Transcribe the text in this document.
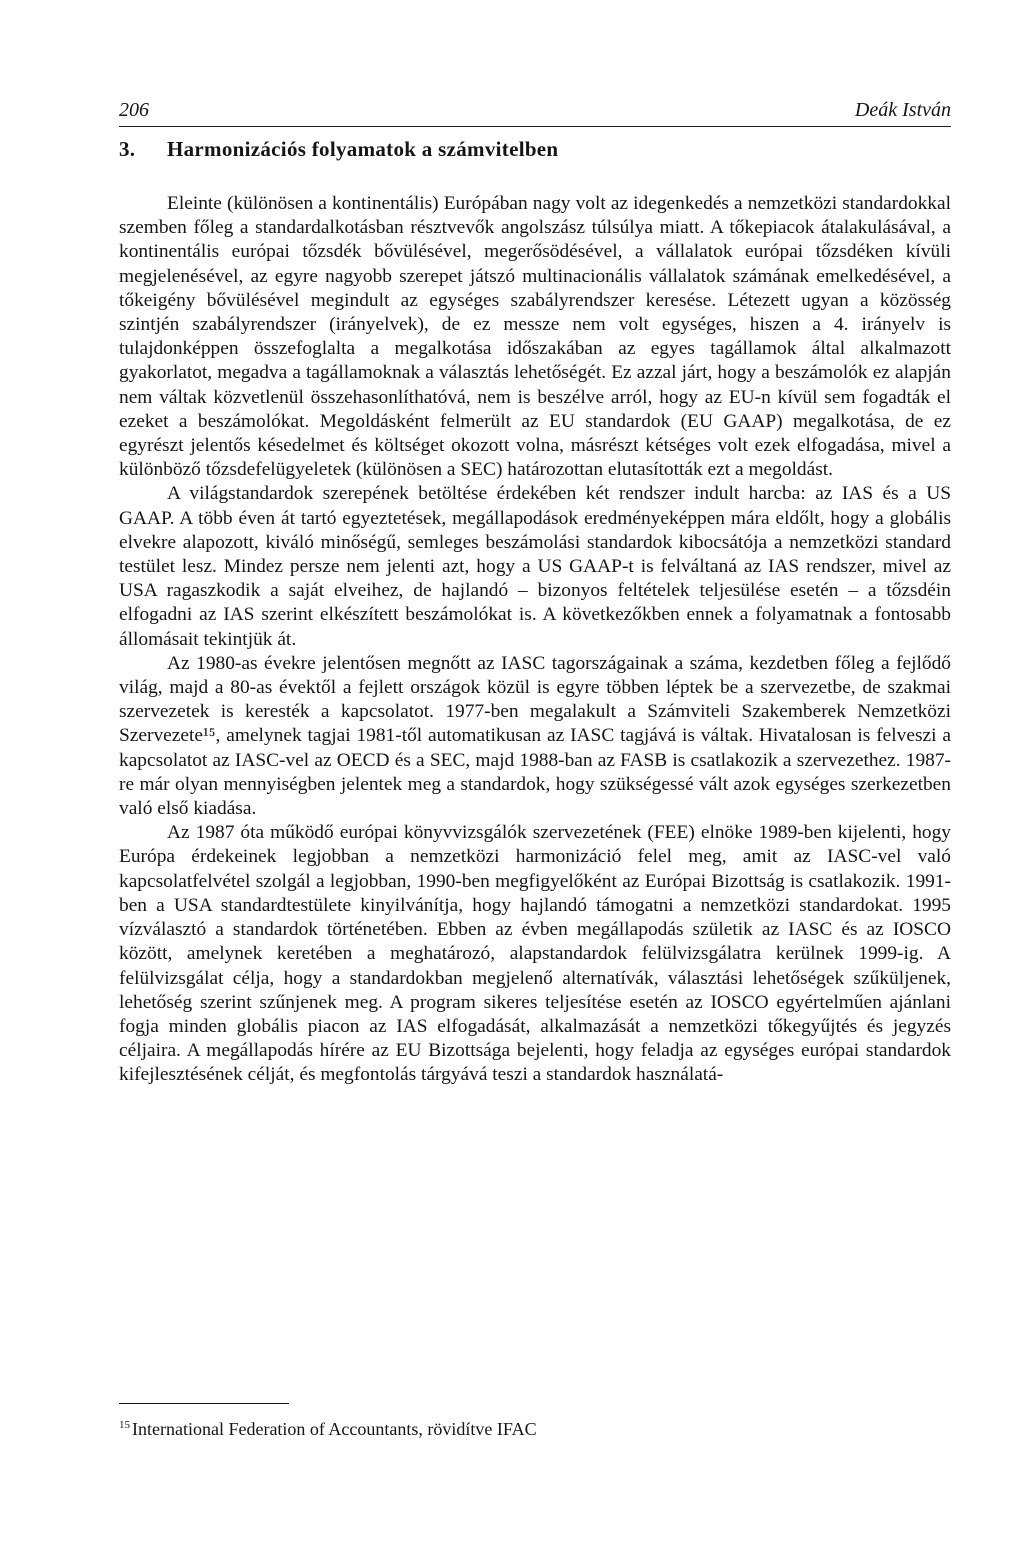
206	Deák István
3. Harmonizációs folyamatok a számvitelben

Eleinte (különösen a kontinentális) Európában nagy volt az idegenkedés a nemzetközi standardokkal szemben főleg a standardalkotásban résztvevők angolszász túlsúlya miatt. A tőkepiacok átalakulásával, a kontinentális európai tőzsdék bővülésével, megerősödésével, a vállalatok európai tőzsdéken kívüli megjelenésével, az egyre nagyobb szerepet játszó multinacionális vállalatok számának emelkedésével, a tőkeigény bővülésével megindult az egységes szabályrendszer keresése. Létezett ugyan a közösség szintjén szabályrendszer (irányelvek), de ez messze nem volt egységes, hiszen a 4. irányelv is tulajdonképpen összefoglalta a megalkotása időszakában az egyes tagállamok által alkalmazott gyakorlatot, megadva a tagállamoknak a választás lehetőségét. Ez azzal járt, hogy a beszámolók ez alapján nem váltak közvetlenül összehasonlíthatóvá, nem is beszélve arról, hogy az EU-n kívül sem fogadták el ezeket a beszámolókat. Megoldásként felmerült az EU standardok (EU GAAP) megalkotása, de ez egyrészt jelentős késedelmet és költséget okozott volna, másrészt kétséges volt ezek elfogadása, mivel a különböző tőzsdefelügyeletek (különösen a SEC) határozottan elutasították ezt a megoldást.

A világstandardok szerepének betöltése érdekében két rendszer indult harcba: az IAS és a US GAAP. A több éven át tartó egyeztetések, megállapodások eredményeképpen mára eldőlt, hogy a globális elvekre alapozott, kiváló minőségű, semleges beszámolási standardok kibocsátója a nemzetközi standard testület lesz. Mindez persze nem jelenti azt, hogy a US GAAP-t is felváltaná az IAS rendszer, mivel az USA ragaszkodik a saját elveihez, de hajlandó – bizonyos feltételek teljesülése esetén – a tőzsdéin elfogadni az IAS szerint elkészített beszámolókat is. A következőkben ennek a folyamatnak a fontosabb állomásait tekintjük át.

Az 1980-as évekre jelentősen megnőtt az IASC tagországainak a száma, kezdetben főleg a fejlődő világ, majd a 80-as évektől a fejlett országok közül is egyre többen léptek be a szervezetbe, de szakmai szervezetek is keresték a kapcsolatot. 1977-ben megalakult a Számviteli Szakemberek Nemzetközi Szervezete¹⁵, amelynek tagjai 1981-től automatikusan az IASC tagjává is váltak. Hivatalosan is felveszi a kapcsolatot az IASC-vel az OECD és a SEC, majd 1988-ban az FASB is csatlakozik a szervezethez. 1987-re már olyan mennyiségben jelentek meg a standardok, hogy szükségessé vált azok egységes szerkezetben való első kiadása.

Az 1987 óta működő európai könyvvizsgálók szervezetének (FEE) elnöke 1989-ben kijelenti, hogy Európa érdekeinek legjobban a nemzetközi harmonizáció felel meg, amit az IASC-vel való kapcsolatfelvétel szolgál a legjobban, 1990-ben megfigyelőként az Európai Bizottság is csatlakozik. 1991-ben a USA standardtestülete kinyilvánítja, hogy hajlandó támogatni a nemzetközi standardokat. 1995 vízválasztó a standardok történetében. Ebben az évben megállapodás születik az IASC és az IOSCO között, amelynek keretében a meghatározó, alapstandardok felülvizsgálatra kerülnek 1999-ig. A felülvizsgálat célja, hogy a standardokban megjelenő alternatívák, választási lehetőségek szűküljenek, lehetőség szerint szűnjenek meg. A program sikeres teljesítése esetén az IOSCO egyértelműen ajánlani fogja minden globális piacon az IAS elfogadását, alkalmazását a nemzetközi tőkegyűjtés és jegyzés céljaira. A megállapodás hírére az EU Bizottsága bejelenti, hogy feladja az egységes európai standardok kifejlesztésének célját, és megfontolás tárgyává teszi a standardok használatá-

$^{15}$ International Federation of Accountants, rövidítve IFAC
